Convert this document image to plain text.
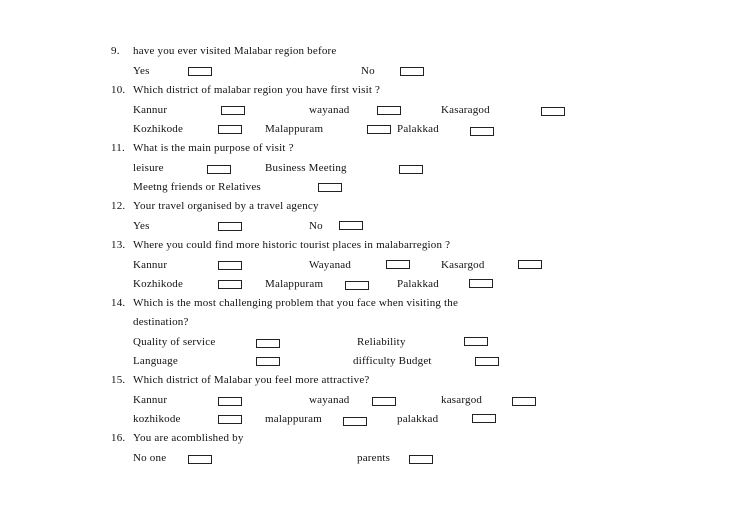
9. have you ever visited Malabar region before
Yes	No
10. Which district of malabar region you have first visit ?
Kannur	wayanad	Kasaragod
Kozhikode	Malappuram	Palakkad
11. What is the main purpose of visit ?
leisure	Business Meeting
Meetng friends or Relatives
12. Your travel organised by a travel agency
Yes	No
13. Where you could find more historic tourist places in malabarregion ?
Kannur	Wayanad	Kasargod
Kozhikode	Malappuram	Palakkad
14. Which is the most challenging problem that you face when visiting the
destination?
Quality of service	Reliability
Language	difficulty Budget
15. Which district of Malabar you feel more attractive?
Kannur	wayanad	kasargod
kozhikode	malappuram	palakkad
16. You are acomblished by
No one	parents
